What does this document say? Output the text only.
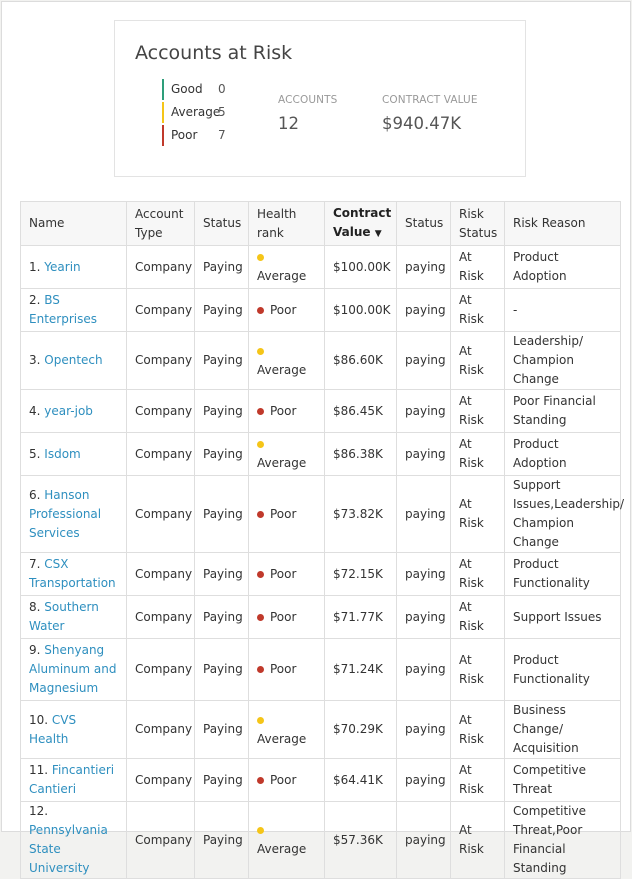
Accounts at Risk
Good 0
Average
5
Poor 7
ACCOUNTS
12
CONTRACT VALUE
$940.47K
Name	Account Type	Status	Health rank	Contract Value ▼	Status	Risk Status	Risk Reason
1. Yearin	Company	Paying	Average	$100.00K	paying	At Risk	Product Adoption
2. BS Enterprises	Company	Paying	Poor	$100.00K	paying	At Risk	-
3. Opentech	Company	Paying	Average	$86.60K	paying	At Risk	Leadership/ Champion Change
4. year-job	Company	Paying	Poor	$86.45K	paying	At Risk	Poor Financial Standing
5. Isdom	Company	Paying	Average	$86.38K	paying	At Risk	Product Adoption
6. Hanson Professional Services	Company	Paying	Poor	$73.82K	paying	At Risk	Support Issues,Leadership/ Champion Change
7. CSX Transportation	Company	Paying	Poor	$72.15K	paying	At Risk	Product Functionality
8. Southern Water	Company	Paying	Poor	$71.77K	paying	At Risk	Support Issues
9. Shenyang Aluminum and Magnesium	Company	Paying	Poor	$71.24K	paying	At Risk	Product Functionality
10. CVS Health	Company	Paying	Average	$70.29K	paying	At Risk	Business Change/ Acquisition
11. Fincantieri Cantieri	Company	Paying	Poor	$64.41K	paying	At Risk	Competitive Threat
12. Pennsylvania State University	Company	Paying	Average	$57.36K	paying	At Risk	Competitive Threat,Poor Financial Standing
